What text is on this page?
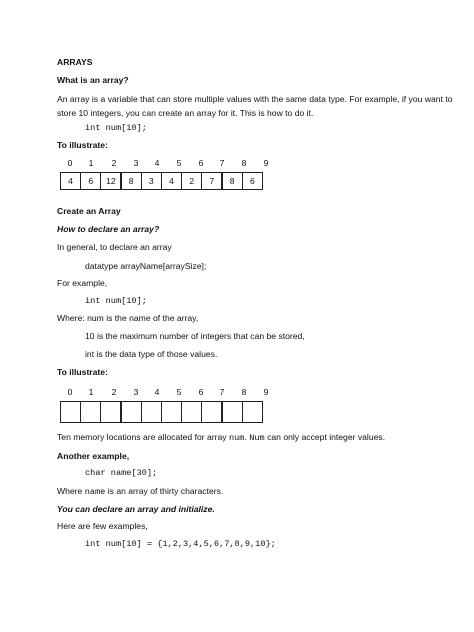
ARRAYS
What is an array?
An array is a variable that can store multiple values with the same data type. For example, if you want to
store 10 integers, you can create an array for it. This is how to do it.
int num[10];
To illustrate:
0	1	2	3	4	5	6	7	8	9
4	6	12	8	3	4	2	7	8	6
Create an Array
How to declare an array?
In general, to declare an array
datatype arrayName[arraySize];
For example,
int num[10];
Where: num is the name of the array,
10 is the maximum number of integers that can be stored,
int is the data type of those values.
To illustrate:
0	1	2	3	4	5	6	7	8	9
Ten memory locations are allocated for array num. Num can only accept integer values.
Another example,
char name[30];
Where name is an array of thirty characters.
You can declare an array and initialize.
Here are few examples,
int num[10] = {1,2,3,4,5,6,7,8,9,10};
